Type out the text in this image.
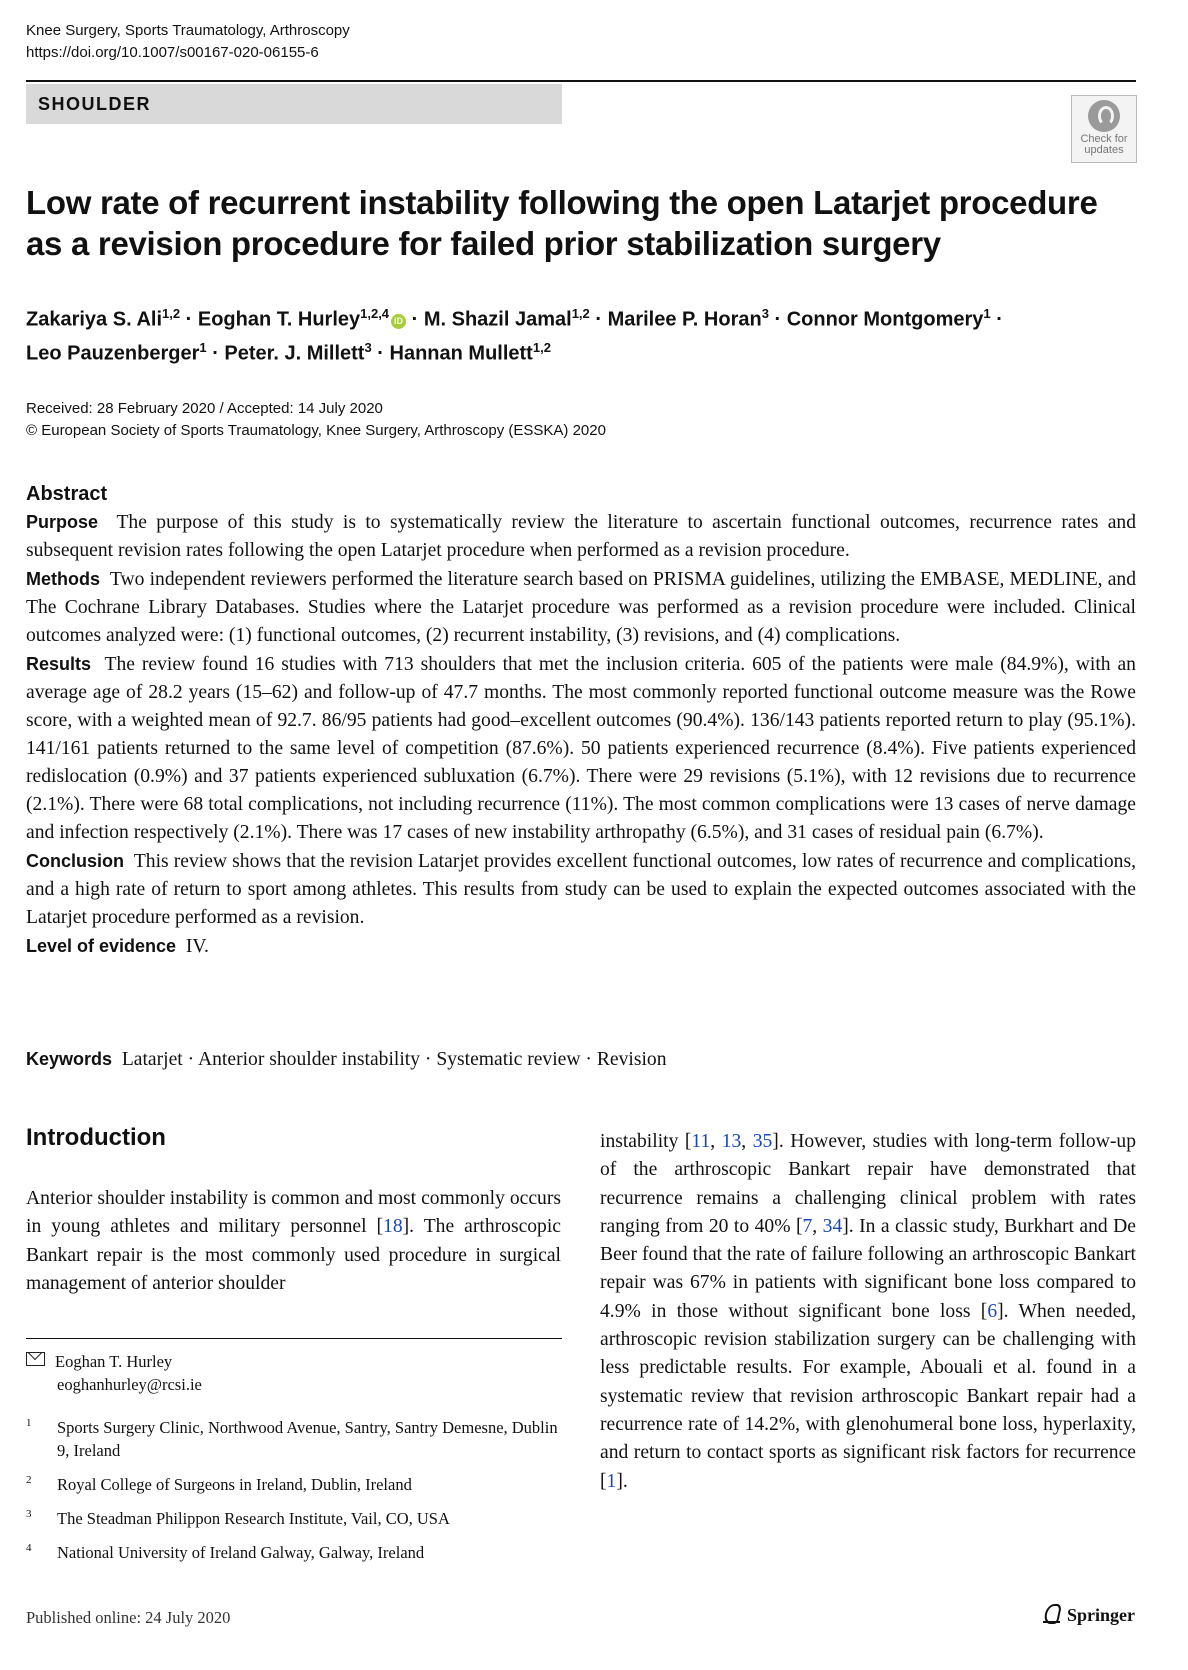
Knee Surgery, Sports Traumatology, Arthroscopy
https://doi.org/10.1007/s00167-020-06155-6
SHOULDER
Check for
updates
Low rate of recurrent instability following the open Latarjet procedure
as a revision procedure for failed prior stabilization surgery
Zakariya S. Ali$^{1,2}$ · Eoghan T. Hurley$^{1,2,4}$ iD · M. Shazil Jamal$^{1,2}$ · Marilee P. Horan$^3$ · Connor Montgomery$^1$ ·
Leo Pauzenberger$^1$ · Peter. J. Millett$^3$ · Hannan Mullett$^{1,2}$
Received: 28 February 2020 / Accepted: 14 July 2020
© European Society of Sports Traumatology, Knee Surgery, Arthroscopy (ESSKA) 2020
Abstract

Purpose The purpose of this study is to systematically review the literature to ascertain functional outcomes, recurrence rates and subsequent revision rates following the open Latarjet procedure when performed as a revision procedure.

Methods Two independent reviewers performed the literature search based on PRISMA guidelines, utilizing the EMBASE, MEDLINE, and The Cochrane Library Databases. Studies where the Latarjet procedure was performed as a revision procedure were included. Clinical outcomes analyzed were: (1) functional outcomes, (2) recurrent instability, (3) revisions, and (4) complications.

Results The review found 16 studies with 713 shoulders that met the inclusion criteria. 605 of the patients were male (84.9%), with an average age of 28.2 years (15–62) and follow-up of 47.7 months. The most commonly reported functional outcome measure was the Rowe score, with a weighted mean of 92.7. 86/95 patients had good–excellent outcomes (90.4%). 136/143 patients reported return to play (95.1%). 141/161 patients returned to the same level of competition (87.6%). 50 patients experienced recurrence (8.4%). Five patients experienced redislocation (0.9%) and 37 patients experienced subluxation (6.7%). There were 29 revisions (5.1%), with 12 revisions due to recurrence (2.1%). There were 68 total complications, not including recurrence (11%). The most common complications were 13 cases of nerve damage and infection respectively (2.1%). There was 17 cases of new instability arthropathy (6.5%), and 31 cases of residual pain (6.7%).

Conclusion This review shows that the revision Latarjet provides excellent functional outcomes, low rates of recurrence and complications, and a high rate of return to sport among athletes. This results from study can be used to explain the expected outcomes associated with the Latarjet procedure performed as a revision.

Level of evidence IV.

Keywords Latarjet · Anterior shoulder instability · Systematic review · Revision
Introduction

Anterior shoulder instability is common and most commonly occurs in young athletes and military personnel [18]. The arthroscopic Bankart repair is the most commonly used procedure in surgical management of anterior shoulder

instability [11, 13, 35]. However, studies with long-term follow-up of the arthroscopic Bankart repair have demonstrated that recurrence remains a challenging clinical problem with rates ranging from 20 to 40% [7, 34]. In a classic study, Burkhart and De Beer found that the rate of failure following an arthroscopic Bankart repair was 67% in patients with significant bone loss compared to 4.9% in those without significant bone loss [6]. When needed, arthroscopic revision stabilization surgery can be challenging with less predictable results. For example, Abouali et al. found in a systematic review that revision arthroscopic Bankart repair had a recurrence rate of 14.2%, with glenohumeral bone loss, hyperlaxity, and return to contact sports as significant risk factors for recurrence [1].

Eoghan T. Hurley
eoghanhurley@rcsi.ie
1 Sports Surgery Clinic, Northwood Avenue, Santry, Santry Demesne, Dublin 9, Ireland
2 Royal College of Surgeons in Ireland, Dublin, Ireland
3 The Steadman Philippon Research Institute, Vail, CO, USA
4 National University of Ireland Galway, Galway, Ireland
Published online: 24 July 2020	Springer
